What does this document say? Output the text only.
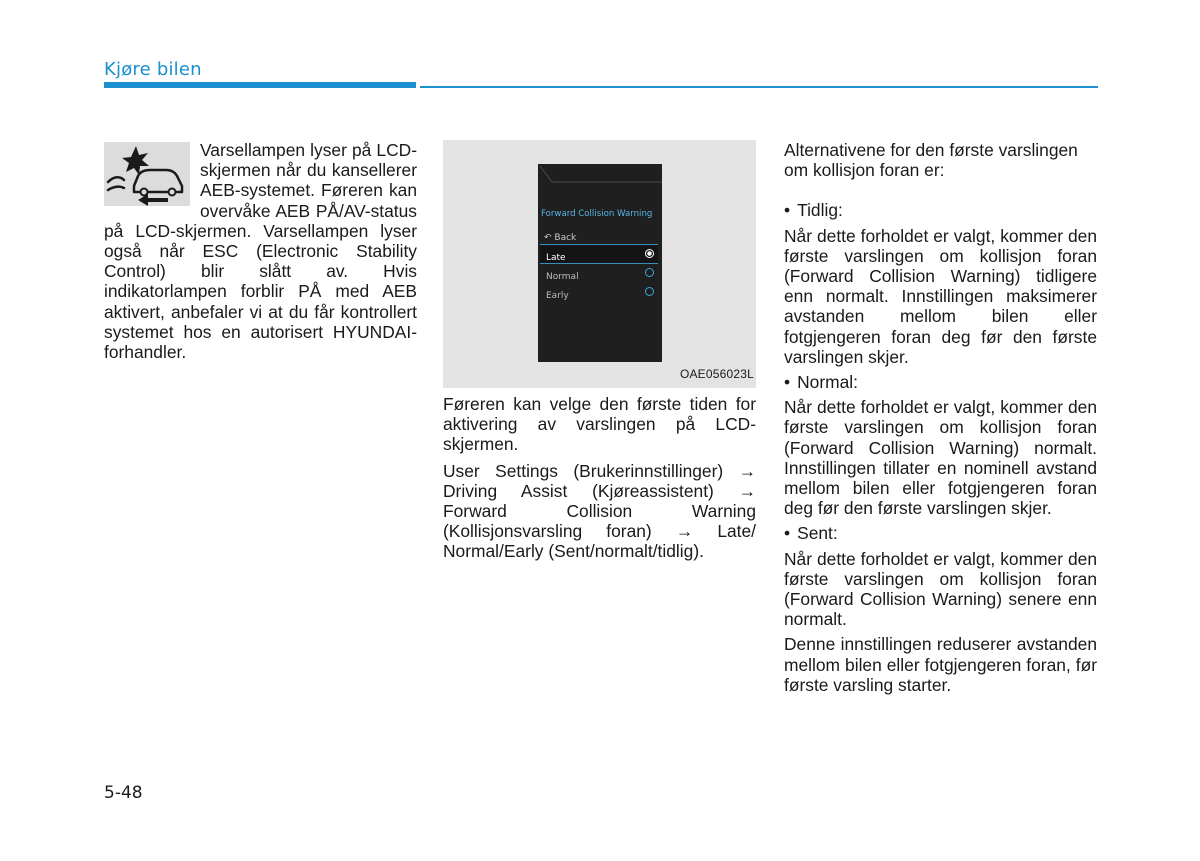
Kjøre bilen

Varsellampen lyser på LCD-skjermen når du kansellerer AEB-systemet. Føreren kan overvåke AEB PÅ/AV-status på LCD-skjermen. Varsellampen lyser også når ESC (Electronic Stability Control) blir slått av. Hvis indikatorlampen forblir PÅ med AEB aktivert, anbefaler vi at du får kontrollert systemet hos en autorisert HYUNDAI-forhandler.

Forward Collision Warning
↶ Back
Late
Normal
Early
OAE056023L

Føreren kan velge den første tiden for aktivering av varslingen på LCD-skjermen.

User Settings (Brukerinnstillinger) → Driving Assist (Kjøreassistent) → Forward Collision Warning (Kollisjonsvarsling foran) → Late/ Normal/Early (Sent/normalt/tidlig).

Alternativene for den første varslingen om kollisjon foran er:

• Tidlig:

Når dette forholdet er valgt, kommer den første varslingen om kollisjon foran (Forward Collision Warning) tidligere enn normalt. Innstillingen maksimerer avstanden mellom bilen eller fotgjengeren foran deg før den første varslingen skjer.

• Normal:

Når dette forholdet er valgt, kommer den første varslingen om kollisjon foran (Forward Collision Warning) normalt. Innstillingen tillater en nominell avstand mellom bilen eller fotgjengeren foran deg før den første varslingen skjer.

• Sent:

Når dette forholdet er valgt, kommer den første varslingen om kollisjon foran (Forward Collision Warning) senere enn normalt.

Denne innstillingen reduserer avstanden mellom bilen eller fotgjengeren foran, før første varsling starter.

5-48
